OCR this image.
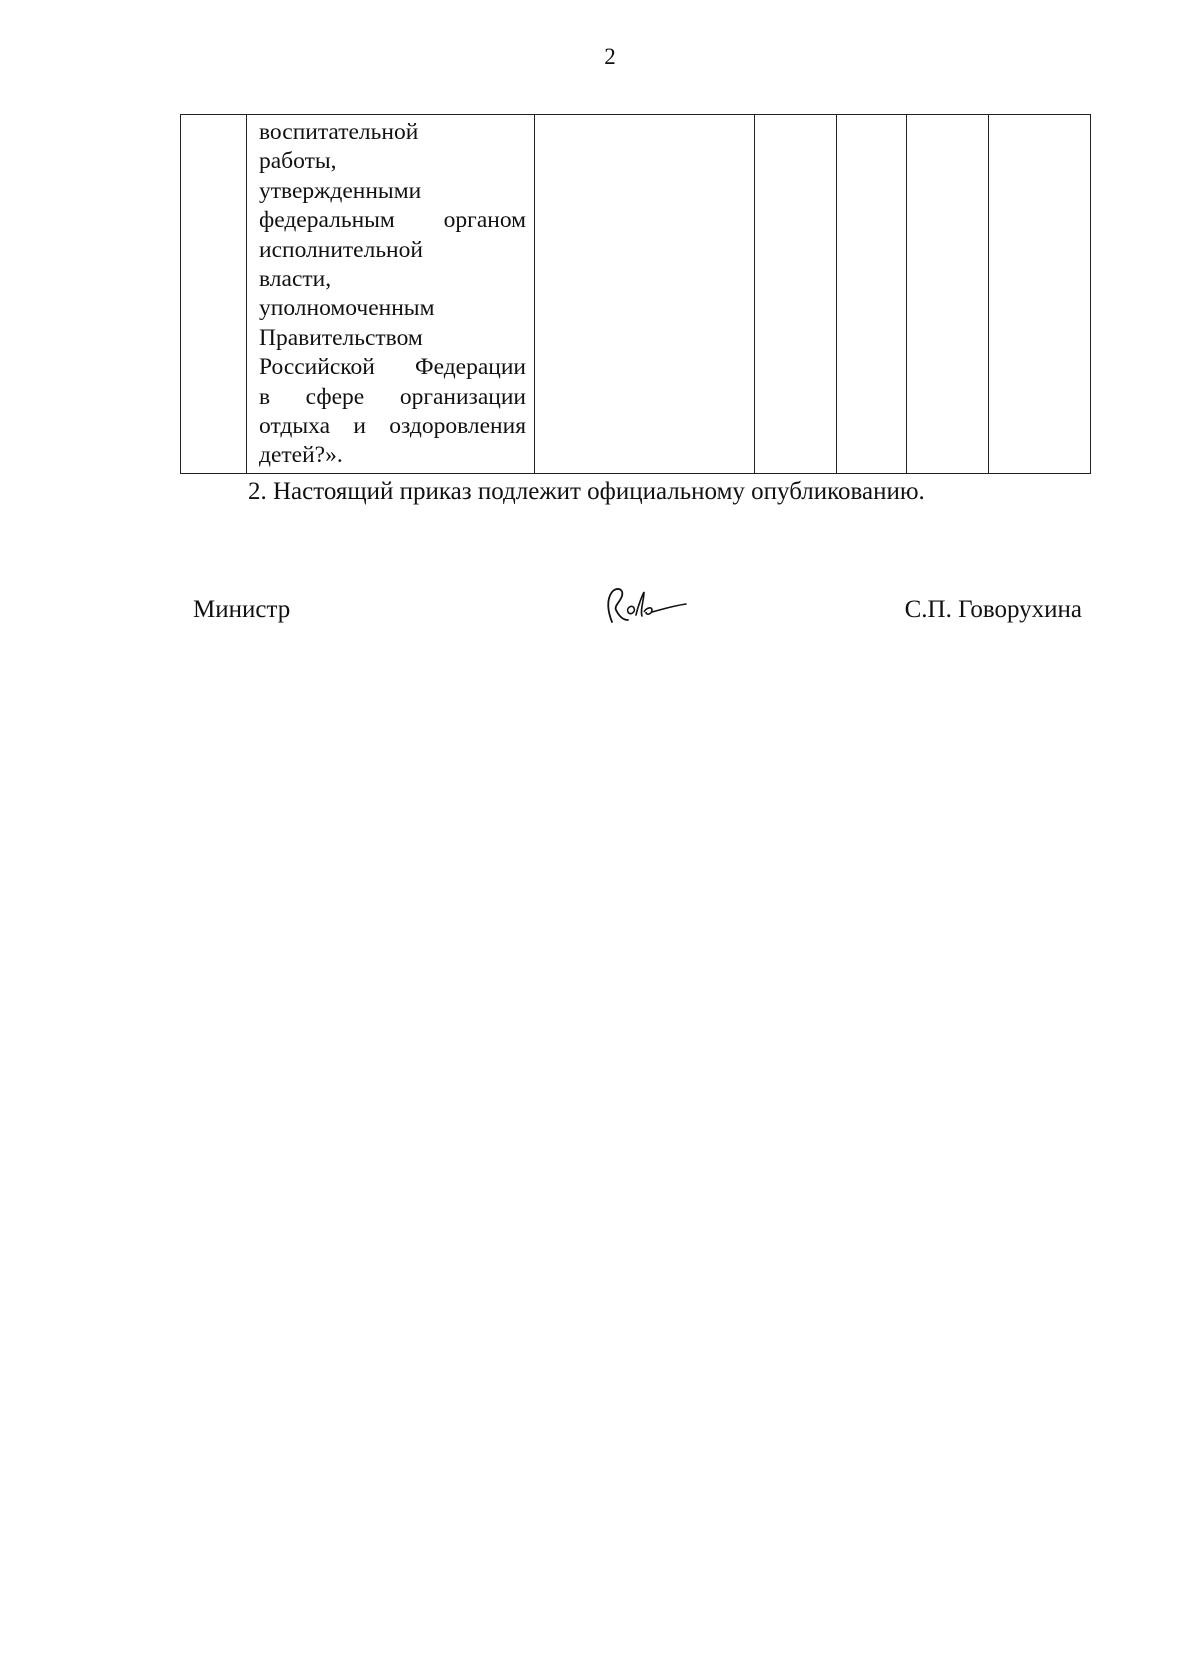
2

воспитательной
работы,
утвержденными
федеральным органом
исполнительной
власти,
уполномоченным
Правительством
Российской Федерации
в сфере организации
отдыха и оздоровления
детей?».

2. Настоящий приказ подлежит официальному опубликованию.
Министр	С.П. Говорухина
